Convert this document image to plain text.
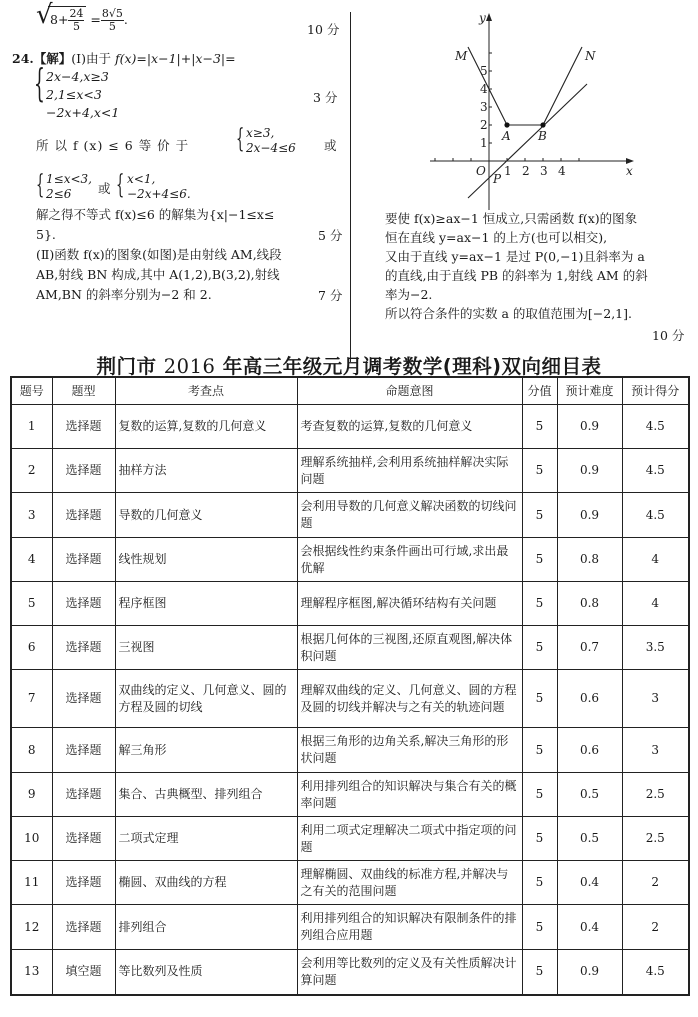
√
$8+ \frac{24}{5} = \frac{8√5}{5}$ .
10 分
24.【解】(Ⅰ)由于 f(x)=|x−1|+|x−3|=
{ 2x−4,x≥3
2,1≤x<3
−2x+4,x<1
3 分
所 以 f (x) ≤ 6 等 价 于 { x≥3,
2x−4≤6 或
{ 1≤x<3,
2≤6 或 { x<1,
−2x+4≤6.
解之得不等式 f(x)≤6 的解集为{x|−1≤x≤
5}.	5 分
(Ⅱ)函数 f(x)的图象(如图)是由射线 AM,线段
AB,射线 BN 构成,其中 A(1,2),B(3,2),射线
AM,BN 的斜率分别为−2 和 2.	7 分
y
x
O 1 2 3 4
1
2
3
4
5
A B
M	N
P
要使 f(x)≥ax−1 恒成立,只需函数 f(x)的图象
恒在直线 y=ax−1 的上方(也可以相交),
又由于直线 y=ax−1 是过 P(0,−1)且斜率为 a
的直线,由于直线 PB 的斜率为 1,射线 AM 的斜
率为−2.
所以符合条件的实数 a 的取值范围为[−2,1].
10 分
荆门市 2016 年高三年级元月调考数学(理科)双向细目表
题号	题型	考查点	命题意图	分值	预计难度	预计得分
1	选择题	复数的运算,复数的几何意义	考查复数的运算,复数的几何意义	5	0.9	4.5
2	选择题	抽样方法	理解系统抽样,会利用系统抽样解决实际问题	5	0.9	4.5
3	选择题	导数的几何意义	会利用导数的几何意义解决函数的切线问题	5	0.9	4.5
4	选择题	线性规划	会根据线性约束条件画出可行域,求出最优解	5	0.8	4
5	选择题	程序框图	理解程序框图,解决循环结构有关问题	5	0.8	4
6	选择题	三视图	根据几何体的三视图,还原直观图,解决体积问题	5	0.7	3.5
7	选择题	双曲线的定义、几何意义、圆的方程及圆的切线	理解双曲线的定义、几何意义、圆的方程及圆的切线并解决与之有关的轨迹问题	5	0.6	3
8	选择题	解三角形	根据三角形的边角关系,解决三角形的形状问题	5	0.6	3
9	选择题	集合、古典概型、排列组合	利用排列组合的知识解决与集合有关的概率问题	5	0.5	2.5
10	选择题	二项式定理	利用二项式定理解决二项式中指定项的问题	5	0.5	2.5
11	选择题	椭圆、双曲线的方程	理解椭圆、双曲线的标准方程,并解决与之有关的范围问题	5	0.4	2
12	选择题	排列组合	利用排列组合的知识解决有限制条件的排列组合应用题	5	0.4	2
13	填空题	等比数列及性质	会利用等比数列的定义及有关性质解决计算问题	5	0.9	4.5
